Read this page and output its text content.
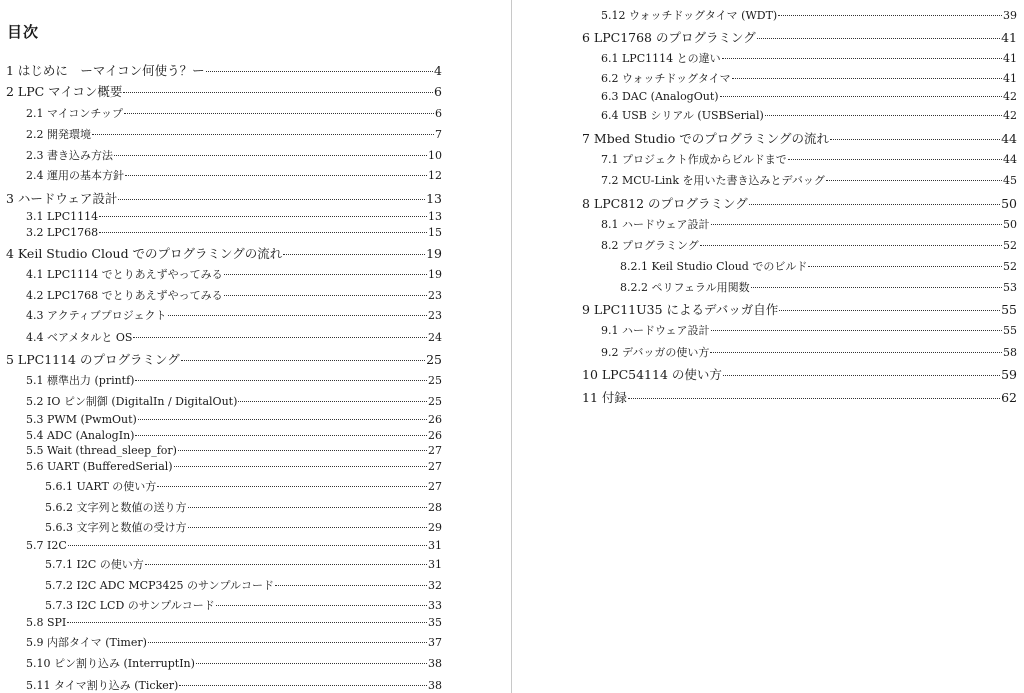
目次
1 はじめに　ーマイコン何使う？ー	4
2 LPC マイコン概要	6
2.1 マイコンチップ	6
2.2 開発環境	7
2.3 書き込み方法	10
2.4 運用の基本方針	12
3 ハードウェア設計	13
3.1 LPC1114	13
3.2 LPC1768	15
4 Keil Studio Cloud でのプログラミングの流れ	19
4.1 LPC1114 でとりあえずやってみる	19
4.2 LPC1768 でとりあえずやってみる	23
4.3 アクティブプロジェクト	23
4.4 ベアメタルと OS	24
5 LPC1114 のプログラミング	25
5.1 標準出力 (printf)	25
5.2 IO ピン制御 (DigitalIn / DigitalOut)	25
5.3 PWM (PwmOut)	26
5.4 ADC (AnalogIn)	26
5.5 Wait (thread_sleep_for)	27
5.6 UART (BufferedSerial)	27
5.6.1 UART の使い方	27
5.6.2 文字列と数値の送り方	28
5.6.3 文字列と数値の受け方	29
5.7 I2C	31
5.7.1 I2C の使い方	31
5.7.2 I2C ADC MCP3425 のサンプルコード	32
5.7.3 I2C LCD のサンプルコード	33
5.8 SPI	35
5.9 内部タイマ (Timer)	37
5.10 ピン割り込み (InterruptIn)	38
5.11 タイマ割り込み (Ticker)	38
5.12 ウォッチドッグタイマ (WDT)	39
6 LPC1768 のプログラミング	41
6.1 LPC1114 との違い	41
6.2 ウォッチドッグタイマ	41
6.3 DAC (AnalogOut)	42
6.4 USB シリアル (USBSerial)	42
7 Mbed Studio でのプログラミングの流れ	44
7.1 プロジェクト作成からビルドまで	44
7.2 MCU-Link を用いた書き込みとデバッグ	45
8 LPC812 のプログラミング	50
8.1 ハードウェア設計	50
8.2 プログラミング	52
8.2.1 Keil Studio Cloud でのビルド	52
8.2.2 ペリフェラル用関数	53
9 LPC11U35 によるデバッガ自作	55
9.1 ハードウェア設計	55
9.2 デバッガの使い方	58
10 LPC54114 の使い方	59
11 付録	62
